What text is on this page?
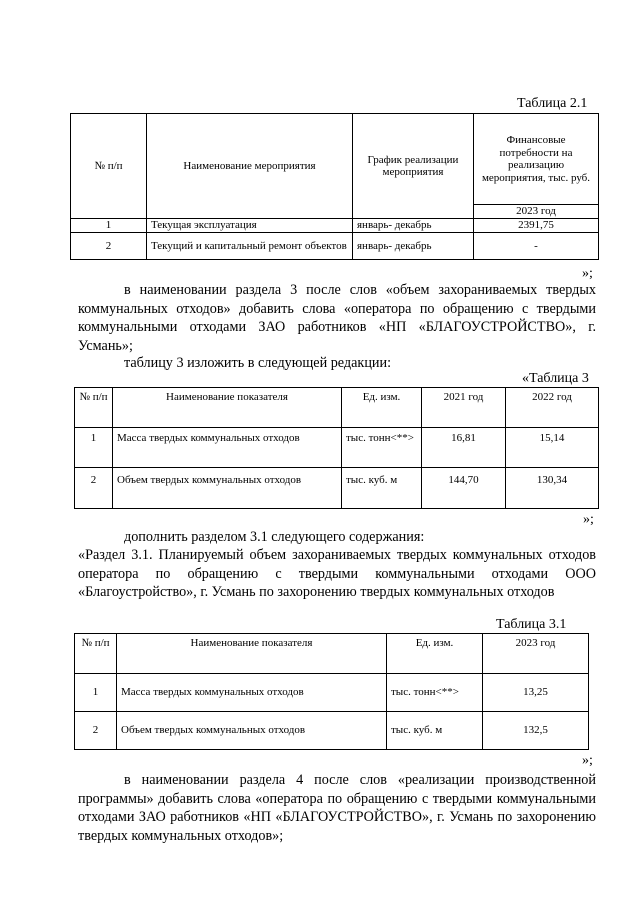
Таблица 2.1
№ п/п	Наименование мероприятия	График реализации мероприятия	Финансовые потребности на реализацию мероприятия, тыс. руб.
			2023 год
1	Текущая эксплуатация	январь- декабрь	2391,75
2	Текущий и капитальный ремонт объектов	январь- декабрь	-
»;
в наименовании раздела 3 после слов «объем захораниваемых твердых коммунальных отходов» добавить слова «оператора по обращению с твердыми коммунальными отходами ЗАО работников «НП «БЛАГОУСТРОЙСТВО», г. Усмань»;
таблицу 3 изложить в следующей редакции:
«Таблица 3
№ п/п	Наименование показателя	Ед. изм.	2021 год	2022 год
1	Масса твердых коммунальных отходов	тыс. тонн<**>	16,81	15,14
2	Объем твердых коммунальных отходов	тыс. куб. м	144,70	130,34
»;
дополнить разделом 3.1 следующего содержания:
«Раздел 3.1. Планируемый объем захораниваемых твердых коммунальных отходов оператора по обращению с твердыми коммунальными отходами ООО «Благоустройство», г. Усмань по захоронению твердых коммунальных отходов
Таблица 3.1
№ п/п	Наименование показателя	Ед. изм.	2023 год
1	Масса твердых коммунальных отходов	тыс. тонн<**>	13,25
2	Объем твердых коммунальных отходов	тыс. куб. м	132,5
»;
в наименовании раздела 4 после слов «реализации производственной программы» добавить слова «оператора по обращению с твердыми коммунальными отходами ЗАО работников «НП «БЛАГОУСТРОЙСТВО», г. Усмань по захоронению твердых коммунальных отходов»;
